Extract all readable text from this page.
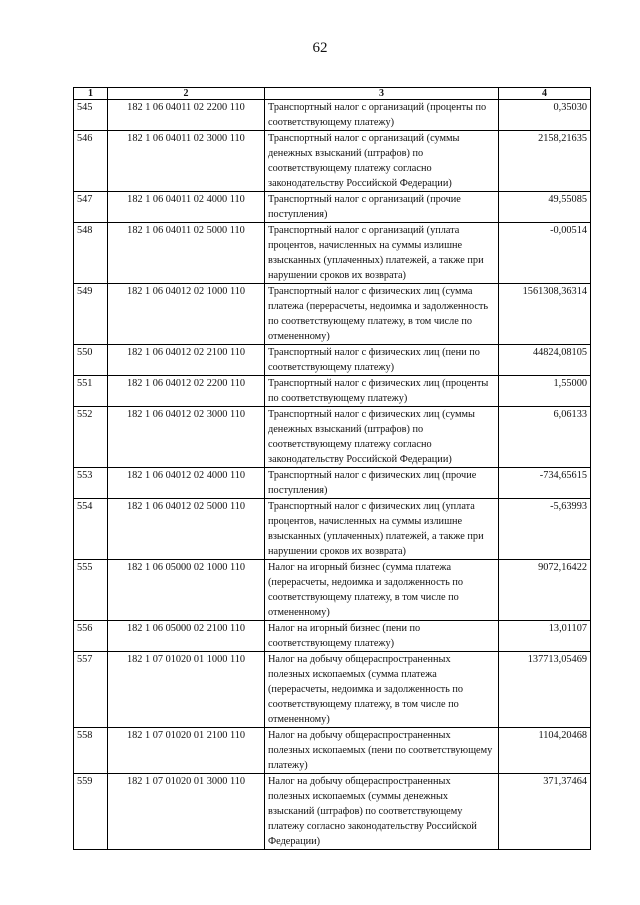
62
1	2	3	4
545	182 1 06 04011 02 2200 110	Транспортный налог с организаций (проценты по соответствующему платежу)	0,35030
546	182 1 06 04011 02 3000 110	Транспортный налог с организаций (суммы денежных взысканий (штрафов) по соответствующему платежу согласно законодательству Российской Федерации)	2158,21635
547	182 1 06 04011 02 4000 110	Транспортный налог с организаций (прочие поступления)	49,55085
548	182 1 06 04011 02 5000 110	Транспортный налог с организаций (уплата процентов, начисленных на суммы излишне взысканных (уплаченных) платежей, а также при нарушении сроков их возврата)	-0,00514
549	182 1 06 04012 02 1000 110	Транспортный налог с физических лиц (сумма платежа (перерасчеты, недоимка и задолженность по соответствующему платежу, в том числе по отмененному)	1561308,36314
550	182 1 06 04012 02 2100 110	Транспортный налог с физических лиц (пени по соответствующему платежу)	44824,08105
551	182 1 06 04012 02 2200 110	Транспортный налог с физических лиц (проценты по соответствующему платежу)	1,55000
552	182 1 06 04012 02 3000 110	Транспортный налог с физических лиц (суммы денежных взысканий (штрафов) по соответствующему платежу согласно законодательству Российской Федерации)	6,06133
553	182 1 06 04012 02 4000 110	Транспортный налог с физических лиц (прочие поступления)	-734,65615
554	182 1 06 04012 02 5000 110	Транспортный налог с физических лиц (уплата процентов, начисленных на суммы излишне взысканных (уплаченных) платежей, а также при нарушении сроков их возврата)	-5,63993
555	182 1 06 05000 02 1000 110	Налог на игорный бизнес (сумма платежа (перерасчеты, недоимка и задолженность по соответствующему платежу, в том числе по отмененному)	9072,16422
556	182 1 06 05000 02 2100 110	Налог на игорный бизнес (пени по соответствующему платежу)	13,01107
557	182 1 07 01020 01 1000 110	Налог на добычу общераспространенных полезных ископаемых (сумма платежа (перерасчеты, недоимка и задолженность по соответствующему платежу, в том числе по отмененному)	137713,05469
558	182 1 07 01020 01 2100 110	Налог на добычу общераспространенных полезных ископаемых (пени по соответствующему платежу)	1104,20468
559	182 1 07 01020 01 3000 110	Налог на добычу общераспространенных полезных ископаемых (суммы денежных взысканий (штрафов) по соответствующему платежу согласно законодательству Российской Федерации)	371,37464
